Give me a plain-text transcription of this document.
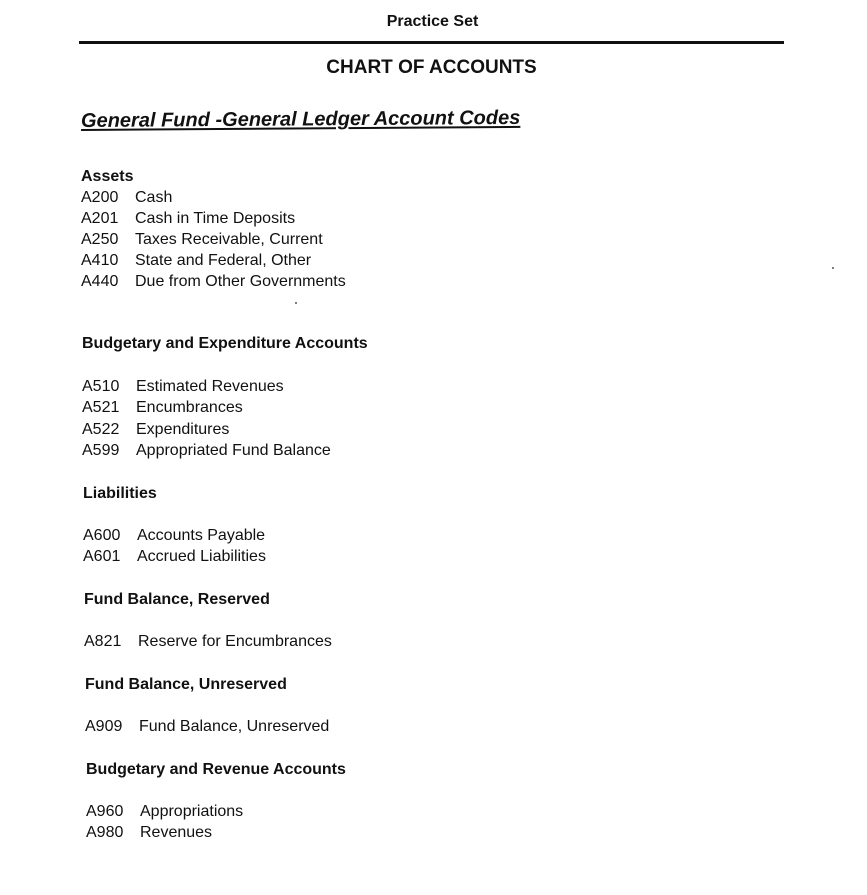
Practice Set
CHART OF ACCOUNTS
General Fund -General Ledger Account Codes
Assets
A200 Cash
A201 Cash in Time Deposits
A250 Taxes Receivable, Current
A410 State and Federal, Other
A440 Due from Other Governments
Budgetary and Expenditure Accounts
A510 Estimated Revenues
A521 Encumbrances
A522 Expenditures
A599 Appropriated Fund Balance
Liabilities
A600 Accounts Payable
A601 Accrued Liabilities
Fund Balance, Reserved
A821 Reserve for Encumbrances
Fund Balance, Unreserved
A909 Fund Balance, Unreserved
Budgetary and Revenue Accounts
A960 Appropriations
A980 Revenues
